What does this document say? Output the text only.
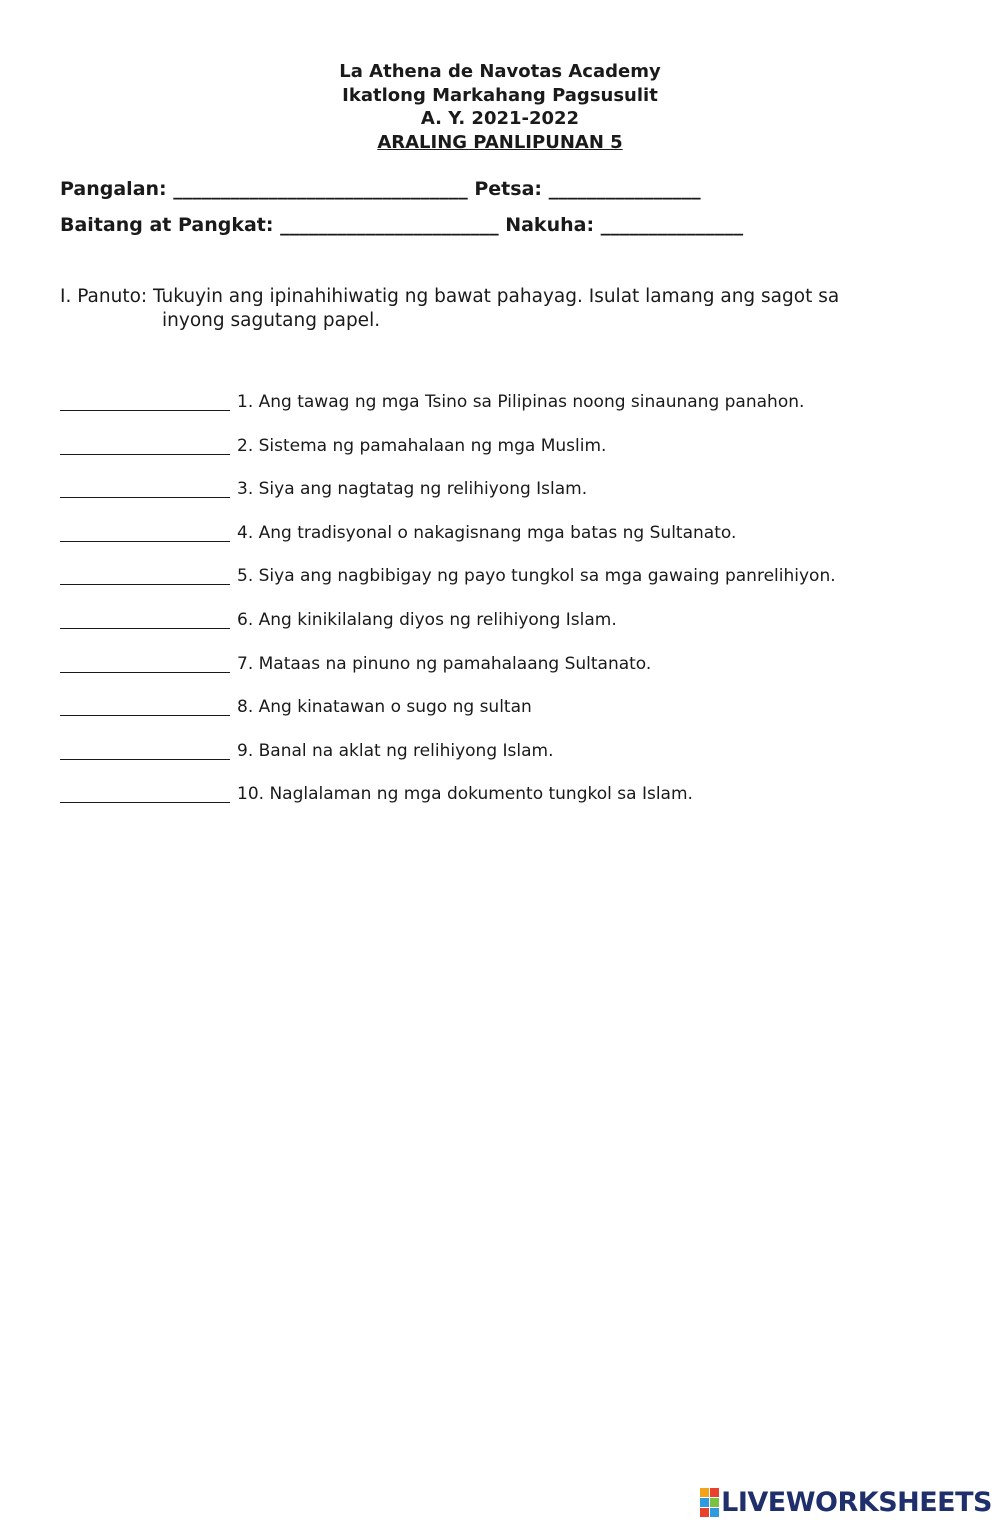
La Athena de Navotas Academy
Ikatlong Markahang Pagsusulit
A. Y. 2021-2022
ARALING PANLIPUNAN 5
Pangalan: _______________________________ Petsa: ________________
Baitang at Pangkat: _______________________ Nakuha: _______________
I. Panuto: Tukuyin ang ipinahihiwatig ng bawat pahayag. Isulat lamang ang sagot sa
inyong sagutang papel.
1. Ang tawag ng mga Tsino sa Pilipinas noong sinaunang panahon.
2. Sistema ng pamahalaan ng mga Muslim.
3. Siya ang nagtatag ng relihiyong Islam.
4. Ang tradisyonal o nakagisnang mga batas ng Sultanato.
5. Siya ang nagbibigay ng payo tungkol sa mga gawaing panrelihiyon.
6. Ang kinikilalang diyos ng relihiyong Islam.
7. Mataas na pinuno ng pamahalaang Sultanato.
8. Ang kinatawan o sugo ng sultan
9. Banal na aklat ng relihiyong Islam.
10. Naglalaman ng mga dokumento tungkol sa Islam.
LIVEWORKSHEETS
